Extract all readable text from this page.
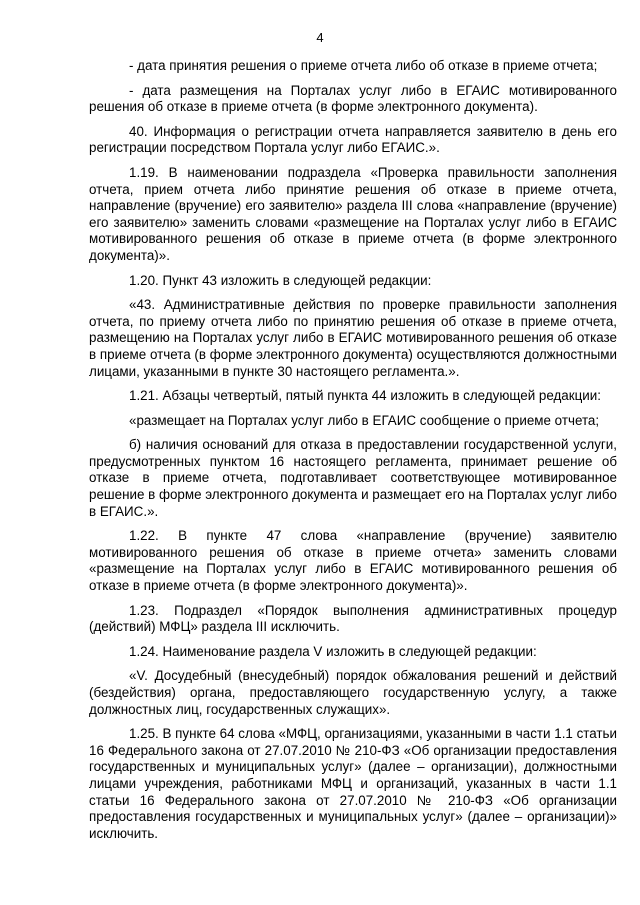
4

- дата принятия решения о приеме отчета либо об отказе в приеме отчета;

- дата размещения на Порталах услуг либо в ЕГАИС мотивированного решения об отказе в приеме отчета (в форме электронного документа).

40. Информация о регистрации отчета направляется заявителю в день его регистрации посредством Портала услуг либо ЕГАИС.».

1.19. В наименовании подраздела «Проверка правильности заполнения отчета, прием отчета либо принятие решения об отказе в приеме отчета, направление (вручение) его заявителю» раздела III слова «направление (вручение) его заявителю» заменить словами «размещение на Порталах услуг либо в ЕГАИС мотивированного решения об отказе в приеме отчета (в форме электронного документа)».

1.20. Пункт 43 изложить в следующей редакции:

«43. Административные действия по проверке правильности заполнения отчета, по приему отчета либо по принятию решения об отказе в приеме отчета, размещению на Порталах услуг либо в ЕГАИС мотивированного решения об отказе в приеме отчета (в форме электронного документа) осуществляются должностными лицами, указанными в пункте 30 настоящего регламента.».

1.21. Абзацы четвертый, пятый пункта 44 изложить в следующей редакции:

«размещает на Порталах услуг либо в ЕГАИС сообщение о приеме отчета;

б) наличия оснований для отказа в предоставлении государственной услуги, предусмотренных пунктом 16 настоящего регламента, принимает решение об отказе в приеме отчета, подготавливает соответствующее мотивированное решение в форме электронного документа и размещает его на Порталах услуг либо в ЕГАИС.».

1.22. В пункте 47 слова «направление (вручение) заявителю мотивированного решения об отказе в приеме отчета» заменить словами «размещение на Порталах услуг либо в ЕГАИС мотивированного решения об отказе в приеме отчета (в форме электронного документа)».

1.23. Подраздел «Порядок выполнения административных процедур (действий) МФЦ» раздела III исключить.

1.24. Наименование раздела V изложить в следующей редакции:

«V. Досудебный (внесудебный) порядок обжалования решений и действий (бездействия) органа, предоставляющего государственную услугу, а также должностных лиц, государственных служащих».

1.25. В пункте 64 слова «МФЦ, организациями, указанными в части 1.1 статьи 16 Федерального закона от 27.07.2010 № 210-ФЗ «Об организации предоставления государственных и муниципальных услуг» (далее – организации), должностными лицами учреждения, работниками МФЦ и организаций, указанных в части 1.1 статьи 16 Федерального закона от 27.07.2010 № 210-ФЗ «Об организации предоставления государственных и муниципальных услуг» (далее – организации)» исключить.
